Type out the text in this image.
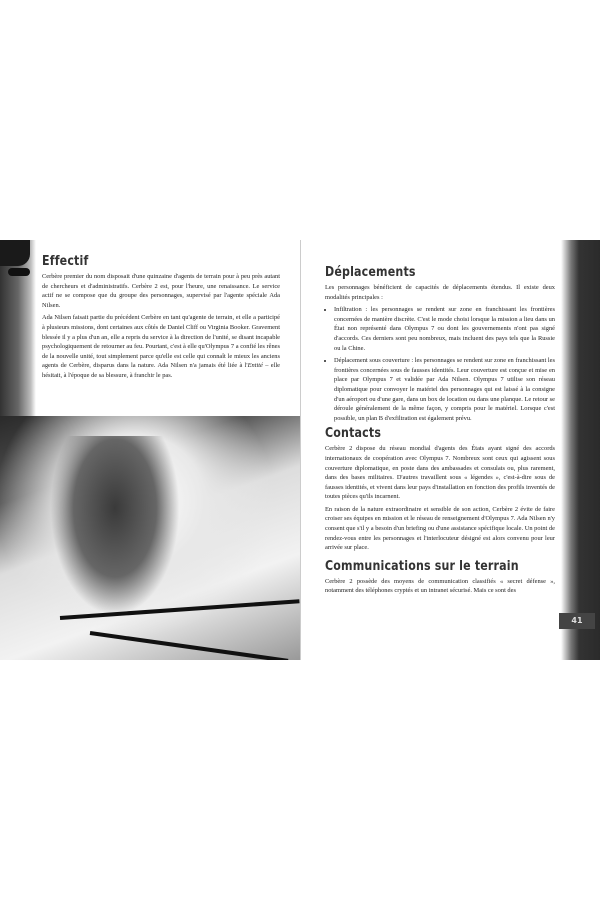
Effectif

Cerbère premier du nom disposait d'une quinzaine d'agents de terrain pour à peu près autant de chercheurs et d'administratifs. Cerbère 2 est, pour l'heure, une renaissance. Le service actif ne se compose que du groupe des personnages, supervisé par l'agente spéciale Ada Nilsen.

Ada Nilsen faisait partie du précédent Cerbère en tant qu'agente de terrain, et elle a participé à plusieurs missions, dont certaines aux côtés de Daniel Cliff ou Virginia Booker. Gravement blessée il y a plus d'un an, elle a repris du service à la direction de l'unité, se disant incapable psychologiquement de retourner au feu. Pourtant, c'est à elle qu'Olympus 7 a confié les rênes de la nouvelle unité, tout simplement parce qu'elle est celle qui connaît le mieux les anciens agents de Cerbère, disparus dans la nature. Ada Nilsen n'a jamais été liée à l'Entité – elle hésitait, à l'époque de sa blessure, à franchir le pas.

Déplacements

Les personnages bénéficient de capacités de déplacements étendus. Il existe deux modalités principales :

• Infiltration : les personnages se rendent sur zone en franchissant les frontières concernées de manière discrète. C'est le mode choisi lorsque la mission a lieu dans un État non représenté dans Olympus 7 ou dont les gouvernements n'ont pas signé d'accords. Ces derniers sont peu nombreux, mais incluent des pays tels que la Russie ou la Chine.
• Déplacement sous couverture : les personnages se rendent sur zone en franchissant les frontières concernées sous de fausses identités. Leur couverture est conçue et mise en place par Olympus 7 et validée par Ada Nilsen. Olympus 7 utilise son réseau diplomatique pour convoyer le matériel des personnages qui est laissé à la consigne d'un aéroport ou d'une gare, dans un box de location ou dans une planque. Le retour se déroule généralement de la même façon, y compris pour le matériel. Lorsque c'est possible, un plan B d'exfiltration est également prévu.
Contacts

Cerbère 2 dispose du réseau mondial d'agents des États ayant signé des accords internationaux de coopération avec Olympus 7. Nombreux sont ceux qui agissent sous couverture diplomatique, en poste dans des ambassades et consulats ou, plus rarement, dans des bases militaires. D'autres travaillent sous « légendes », c'est-à-dire sous de fausses identités, et vivent dans leur pays d'installation en fonction des profils inventés de toutes pièces qu'ils incarnent.

En raison de la nature extraordinaire et sensible de son action, Cerbère 2 évite de faire croiser ses équipes en mission et le réseau de renseignement d'Olympus 7. Ada Nilsen n'y consent que s'il y a besoin d'un briefing ou d'une assistance spécifique locale. Un point de rendez-vous entre les personnages et l'interlocuteur désigné est alors convenu pour leur arrivée sur place.

Communications sur le terrain

Cerbère 2 possède des moyens de communication classifiés « secret défense », notamment des téléphones cryptés et un intranet sécurisé. Mais ce sont des

41
